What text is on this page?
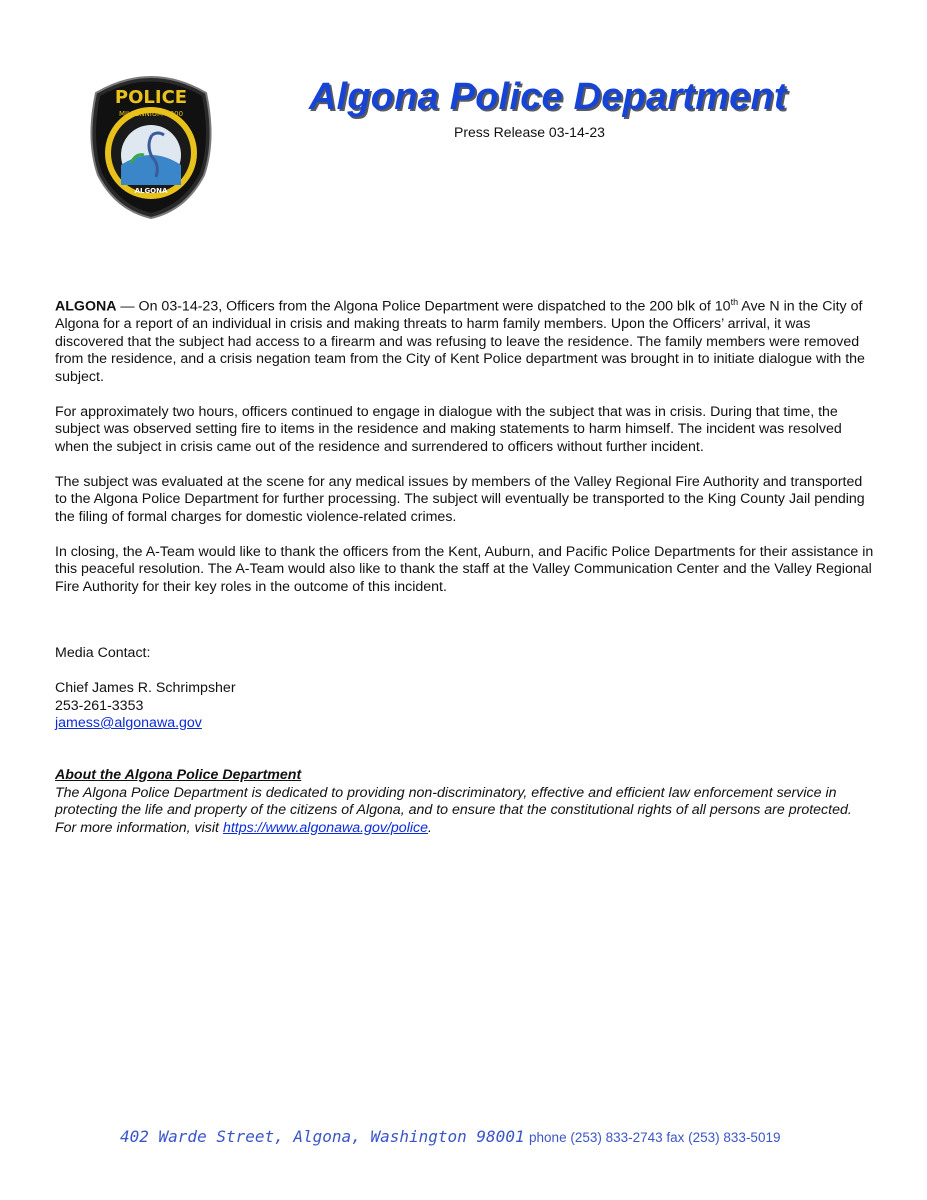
POLICE
MILLENNIUM 2000
ALGONA
Algona Police Department
Press Release 03-14-23

ALGONA — On 03-14-23, Officers from the Algona Police Department were dispatched to the 200 blk of 10th Ave N in the City of Algona for a report of an individual in crisis and making threats to harm family members. Upon the Officers’ arrival, it was discovered that the subject had access to a firearm and was refusing to leave the residence. The family members were removed from the residence, and a crisis negation team from the City of Kent Police department was brought in to initiate dialogue with the subject.

For approximately two hours, officers continued to engage in dialogue with the subject that was in crisis. During that time, the subject was observed setting fire to items in the residence and making statements to harm himself. The incident was resolved when the subject in crisis came out of the residence and surrendered to officers without further incident.

The subject was evaluated at the scene for any medical issues by members of the Valley Regional Fire Authority and transported to the Algona Police Department for further processing. The subject will eventually be transported to the King County Jail pending the filing of formal charges for domestic violence-related crimes.

In closing, the A-Team would like to thank the officers from the Kent, Auburn, and Pacific Police Departments for their assistance in this peaceful resolution. The A-Team would also like to thank the staff at the Valley Communication Center and the Valley Regional Fire Authority for their key roles in the outcome of this incident.

Media Contact:
Chief James R. Schrimpsher
253-261-3353
jamess@algonawa.gov
About the Algona Police Department
The Algona Police Department is dedicated to providing non-discriminatory, effective and efficient law enforcement service in protecting the life and property of the citizens of Algona, and to ensure that the constitutional rights of all persons are protected. For more information, visit https://www.algonawa.gov/police.
402 Warde Street, Algona, Washington 98001 phone (253) 833-2743 fax (253) 833-5019
